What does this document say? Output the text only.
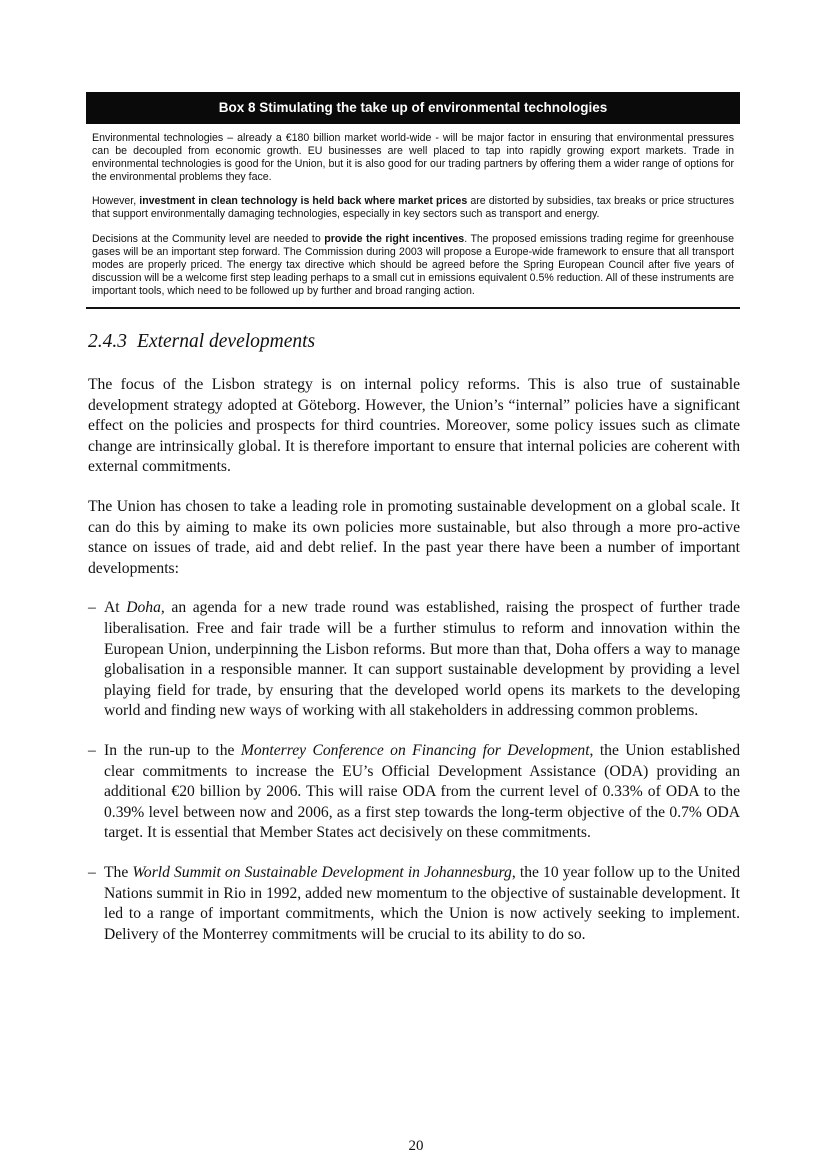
Box 8 Stimulating the take up of environmental technologies

Environmental technologies – already a €180 billion market world-wide - will be major factor in ensuring that environmental pressures can be decoupled from economic growth. EU businesses are well placed to tap into rapidly growing export markets. Trade in environmental technologies is good for the Union, but it is also good for our trading partners by offering them a wider range of options for the environmental problems they face.

However, investment in clean technology is held back where market prices are distorted by subsidies, tax breaks or price structures that support environmentally damaging technologies, especially in key sectors such as transport and energy.

Decisions at the Community level are needed to provide the right incentives. The proposed emissions trading regime for greenhouse gases will be an important step forward. The Commission during 2003 will propose a Europe-wide framework to ensure that all transport modes are properly priced. The energy tax directive which should be agreed before the Spring European Council after five years of discussion will be a welcome first step leading perhaps to a small cut in emissions equivalent 0.5% reduction. All of these instruments are important tools, which need to be followed up by further and broad ranging action.

2.4.3 External developments

The focus of the Lisbon strategy is on internal policy reforms. This is also true of sustainable development strategy adopted at Göteborg. However, the Union’s “internal” policies have a significant effect on the policies and prospects for third countries. Moreover, some policy issues such as climate change are intrinsically global. It is therefore important to ensure that internal policies are coherent with external commitments.

The Union has chosen to take a leading role in promoting sustainable development on a global scale. It can do this by aiming to make its own policies more sustainable, but also through a more pro-active stance on issues of trade, aid and debt relief. In the past year there have been a number of important developments:

– At Doha, an agenda for a new trade round was established, raising the prospect of further trade liberalisation. Free and fair trade will be a further stimulus to reform and innovation within the European Union, underpinning the Lisbon reforms. But more than that, Doha offers a way to manage globalisation in a responsible manner. It can support sustainable development by providing a level playing field for trade, by ensuring that the developed world opens its markets to the developing world and finding new ways of working with all stakeholders in addressing common problems.
– In the run-up to the Monterrey Conference on Financing for Development, the Union established clear commitments to increase the EU’s Official Development Assistance (ODA) providing an additional €20 billion by 2006. This will raise ODA from the current level of 0.33% of ODA to the 0.39% level between now and 2006, as a first step towards the long-term objective of the 0.7% ODA target. It is essential that Member States act decisively on these commitments.
– The World Summit on Sustainable Development in Johannesburg, the 10 year follow up to the United Nations summit in Rio in 1992, added new momentum to the objective of sustainable development. It led to a range of important commitments, which the Union is now actively seeking to implement. Delivery of the Monterrey commitments will be crucial to its ability to do so.
20
